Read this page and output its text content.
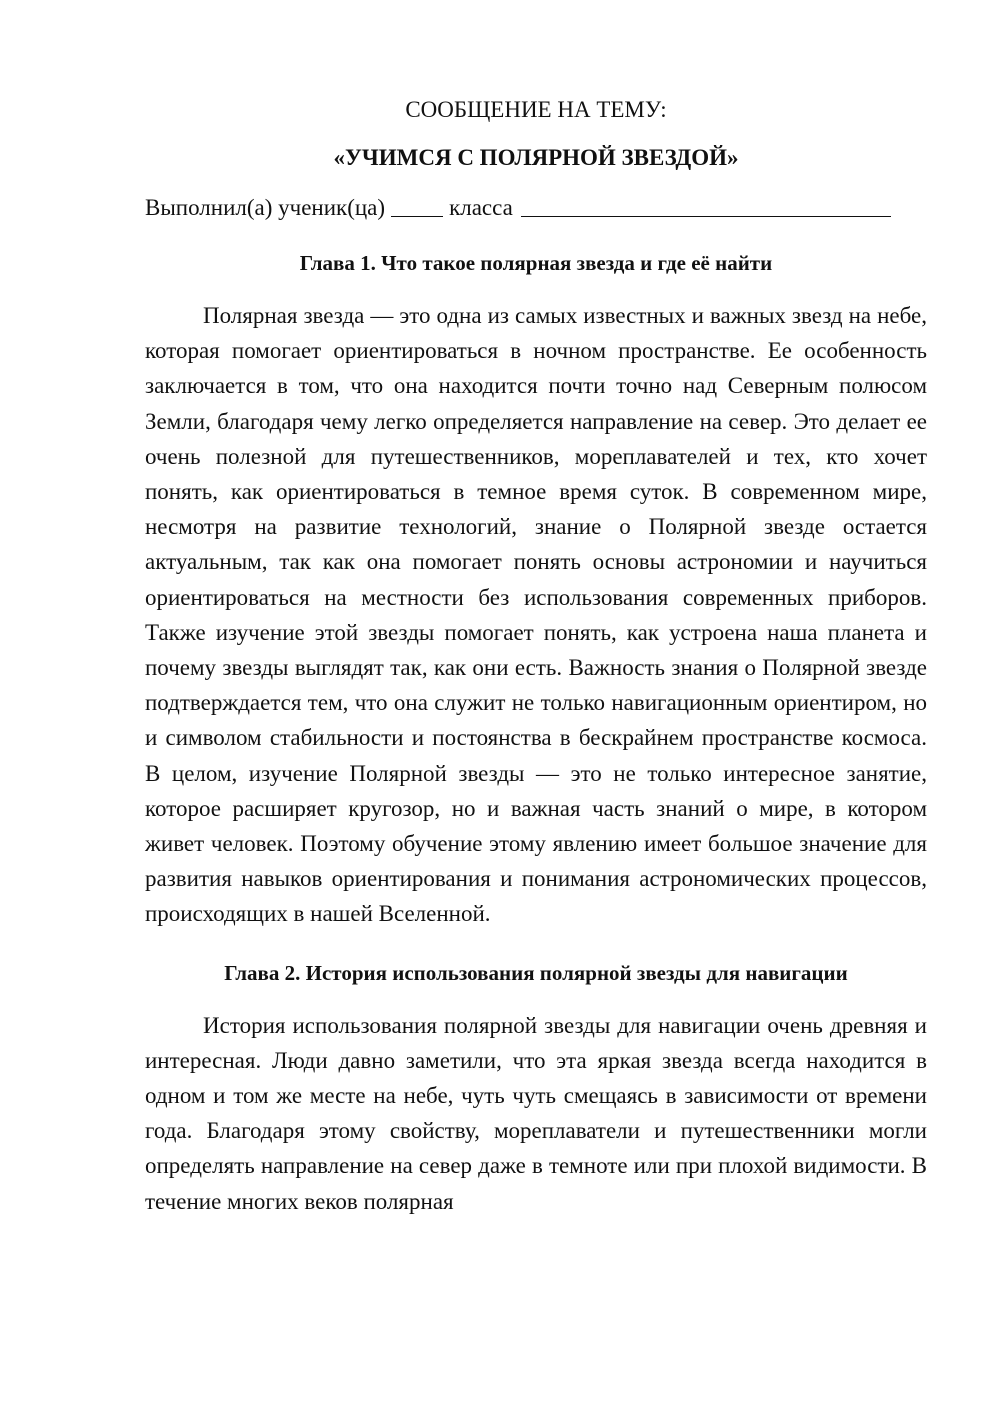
СООБЩЕНИЕ НА ТЕМУ:

«УЧИМСЯ С ПОЛЯРНОЙ ЗВЕЗДОЙ»

Выполнил(а) ученик(ца)	класса

Глава 1. Что такое полярная звезда и где её найти

Полярная звезда — это одна из самых известных и важных звезд на небе, которая помогает ориентироваться в ночном пространстве. Ее особенность заключается в том, что она находится почти точно над Северным полюсом Земли, благодаря чему легко определяется направление на север. Это делает ее очень полезной для путешественников, мореплавателей и тех, кто хочет понять, как ориентироваться в темное время суток. В современном мире, несмотря на развитие технологий, знание о Полярной звезде остается актуальным, так как она помогает понять основы астрономии и научиться ориентироваться на местности без использования современных приборов. Также изучение этой звезды помогает понять, как устроена наша планета и почему звезды выглядят так, как они есть. Важность знания о Полярной звезде подтверждается тем, что она служит не только навигационным ориентиром, но и символом стабильности и постоянства в бескрайнем пространстве космоса. В целом, изучение Полярной звезды — это не только интересное занятие, которое расширяет кругозор, но и важная часть знаний о мире, в котором живет человек. Поэтому обучение этому явлению имеет большое значение для развития навыков ориентирования и понимания астрономических процессов, происходящих в нашей Вселенной.

Глава 2. История использования полярной звезды для навигации

История использования полярной звезды для навигации очень древняя и интересная. Люди давно заметили, что эта яркая звезда всегда находится в одном и том же месте на небе, чуть чуть смещаясь в зависимости от времени года. Благодаря этому свойству, мореплаватели и путешественники могли определять направление на север даже в темноте или при плохой видимости. В течение многих веков полярная
